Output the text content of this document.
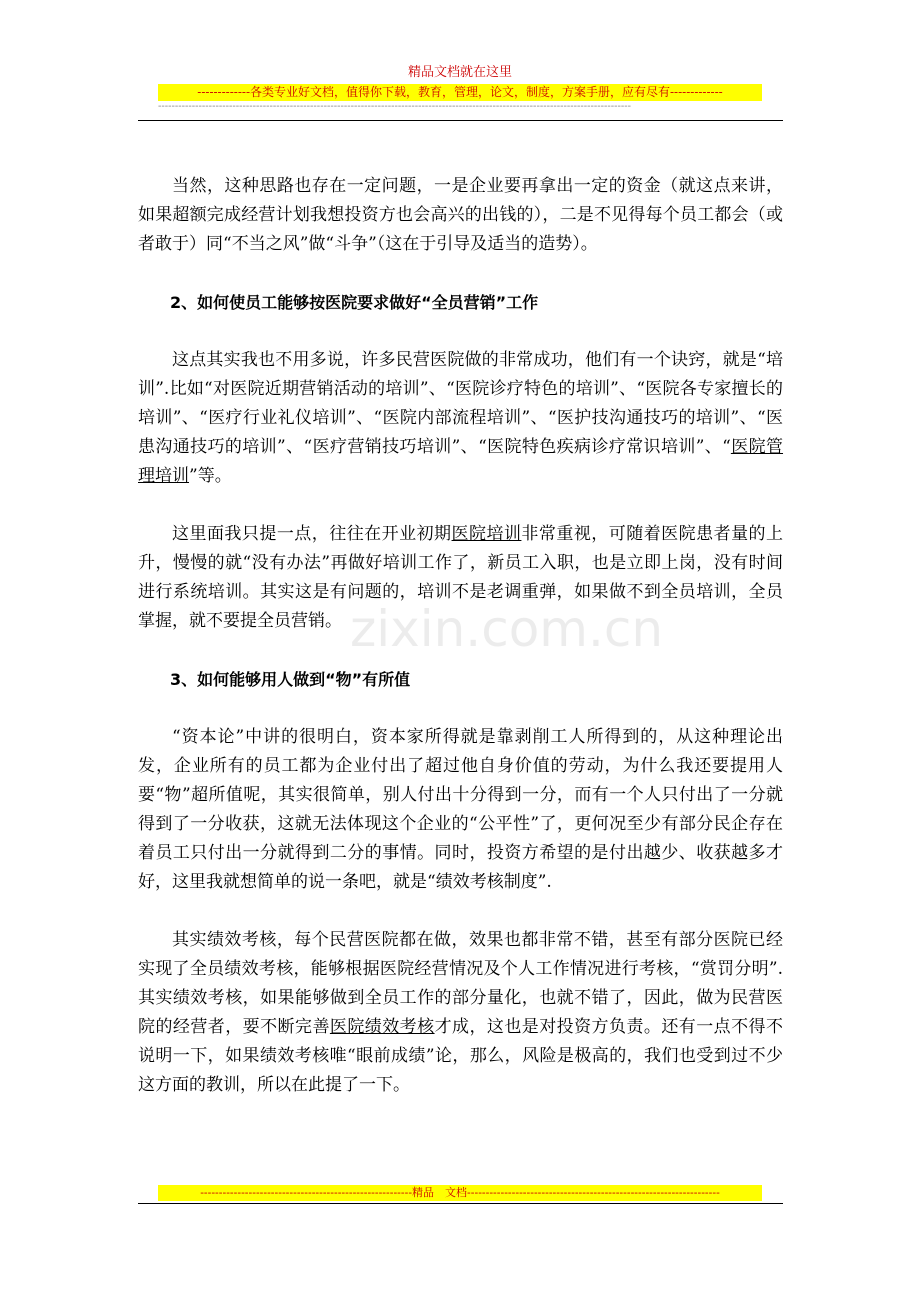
精品文档就在这里
-------------各类专业好文档，值得你下载，教育，管理，论文，制度，方案手册，应有尽有-------------
--------------------------------------------------------------------------------------------------------------------------------------------
zixin.com.cn

当然，这种思路也存在一定问题，一是企业要再拿出一定的资金（就这点来讲，如果超额完成经营计划我想投资方也会高兴的出钱的），二是不见得每个员工都会（或者敢于）同“不当之风”做“斗争”（这在于引导及适当的造势）。

2、如何使员工能够按医院要求做好“全员营销”工作

这点其实我也不用多说，许多民营医院做的非常成功，他们有一个诀窍，就是“培训”.比如“对医院近期营销活动的培训”、“医院诊疗特色的培训”、“医院各专家擅长的培训”、“医疗行业礼仪培训”、“医院内部流程培训”、“医护技沟通技巧的培训”、“医患沟通技巧的培训”、“医疗营销技巧培训”、“医院特色疾病诊疗常识培训”、“医院管理培训”等。

这里面我只提一点，往往在开业初期医院培训非常重视，可随着医院患者量的上升，慢慢的就“没有办法”再做好培训工作了，新员工入职，也是立即上岗，没有时间进行系统培训。其实这是有问题的，培训不是老调重弹，如果做不到全员培训，全员掌握，就不要提全员营销。

3、如何能够用人做到“物”有所值

“资本论”中讲的很明白，资本家所得就是靠剥削工人所得到的，从这种理论出发，企业所有的员工都为企业付出了超过他自身价值的劳动，为什么我还要提用人要“物”超所值呢，其实很简单，别人付出十分得到一分，而有一个人只付出了一分就得到了一分收获，这就无法体现这个企业的“公平性”了，更何况至少有部分民企存在着员工只付出一分就得到二分的事情。同时，投资方希望的是付出越少、收获越多才好，这里我就想简单的说一条吧，就是“绩效考核制度”.

其实绩效考核，每个民营医院都在做，效果也都非常不错，甚至有部分医院已经实现了全员绩效考核，能够根据医院经营情况及个人工作情况进行考核，“赏罚分明”.其实绩效考核，如果能够做到全员工作的部分量化，也就不错了，因此，做为民营医院的经营者，要不断完善医院绩效考核才成，这也是对投资方负责。还有一点不得不说明一下，如果绩效考核唯“眼前成绩”论，那么，风险是极高的，我们也受到过不少这方面的教训，所以在此提了一下。

---------------------------------------------------------精品　文档--------------------------------------------------------------------
